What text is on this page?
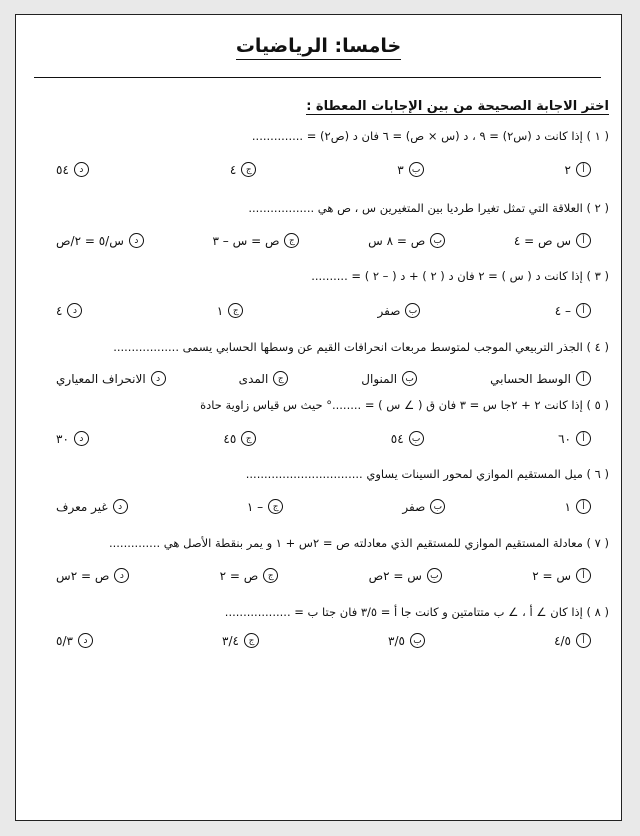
خامسا: الرياضيات
اختر الاجابة الصحيحة من بين الإجابات المعطاة :
( ١ ) إذا كانت د (س٢) = ٩ ، د (س × ص) = ٦ فان د (ص٢) = ..............
أ
٢
ب
٣
ج
٤
د
٥٤
( ٢ ) العلاقة التي تمثل تغيرا طرديا بين المتغيرين س ، ص هي ..................
أ
س ص = ٤
ب
ص = ٨ س
ج
ص = س – ٣
د
س/٥ = ٢/ص
( ٣ ) إذا كانت د ( س ) = ٢ فان د ( ٢ ) + د ( – ٢ ) = ..........
أ
– ٤
ب
صفر
ج
١
د
٤
( ٤ ) الجذر التربيعي الموجب لمتوسط مربعات انحرافات القيم عن وسطها الحسابي يسمى ..................
أ
الوسط الحسابي
ب
المنوال
ج
المدى
د
الانحراف المعياري
( ٥ ) إذا كانت ٢ + ٢جا س = ٣ فان ق ( ∠ س ) = ........° حيث س قياس زاوية حادة
أ
٦٠
ب
٥٤
ج
٤٥
د
٣٠
( ٦ ) ميل المستقيم الموازي لمحور السينات يساوي ................................
أ
١
ب
صفر
ج
– ١
د
غير معرف
( ٧ ) معادلة المستقيم الموازي للمستقيم الذي معادلته ص = ٢س + ١ و يمر بنقطة الأصل هي ..............
أ
س = ٢
ب
س = ٢ص
ج
ص = ٢
د
ص = ٢س
( ٨ ) إذا كان ∠ أ ، ∠ ب متتامتين و كانت جا أ = ٣/٥ فان جتا ب = ..................
أ
٤/٥
ب
٣/٥
ج
٣/٤
د
٥/٣
